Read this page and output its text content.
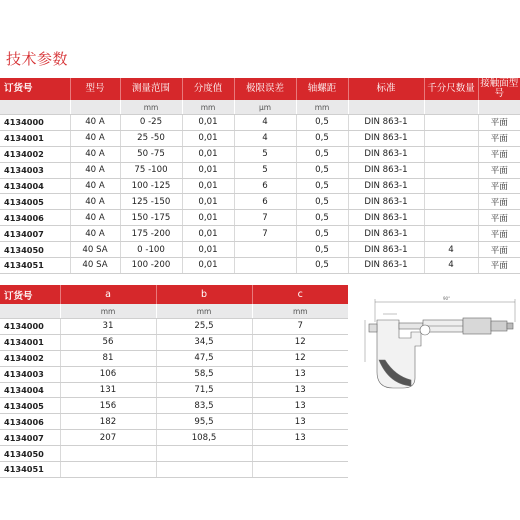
技术参数
订货号	型号	测量范围	分度值	极限误差	轴螺距	标准	千分尺数量	接触面型号
		mm	mm	μm	mm			
4134000	40 A	0 -25	0,01	4	0,5	DIN 863-1		平面
4134001	40 A	25 -50	0,01	4	0,5	DIN 863-1		平面
4134002	40 A	50 -75	0,01	5	0,5	DIN 863-1		平面
4134003	40 A	75 -100	0,01	5	0,5	DIN 863-1		平面
4134004	40 A	100 -125	0,01	6	0,5	DIN 863-1		平面
4134005	40 A	125 -150	0,01	6	0,5	DIN 863-1		平面
4134006	40 A	150 -175	0,01	7	0,5	DIN 863-1		平面
4134007	40 A	175 -200	0,01	7	0,5	DIN 863-1		平面
4134050	40 SA	0 -100	0,01		0,5	DIN 863-1	4	平面
4134051	40 SA	100 -200	0,01		0,5	DIN 863-1	4	平面
订货号	a	b	c
	mm	mm	mm
4134000	31	25,5	7
4134001	56	34,5	12
4134002	81	47,5	12
4134003	106	58,5	13
4134004	131	71,5	13
4134005	156	83,5	13
4134006	182	95,5	13
4134007	207	108,5	13
4134050			
4134051			
90°
